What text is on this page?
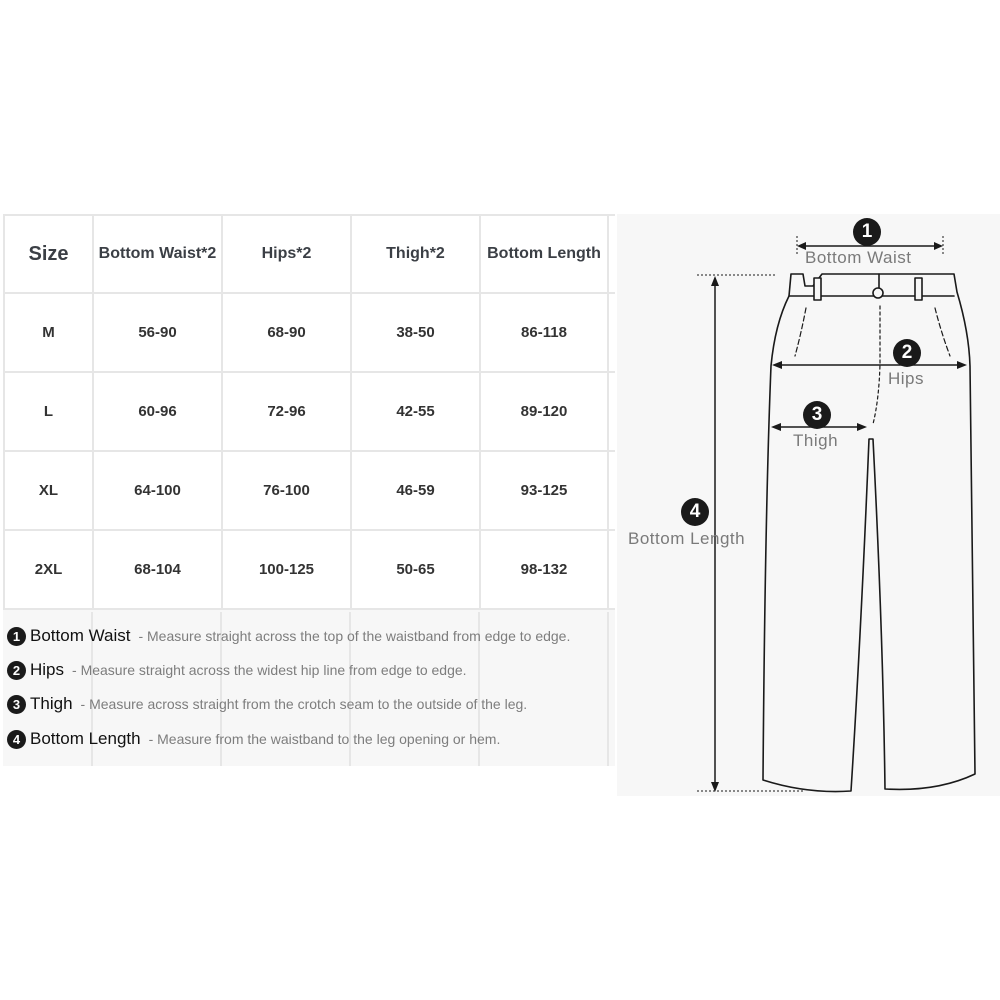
Size	Bottom Waist*2	Hips*2	Thigh*2	Bottom Length	
M	56-90	68-90	38-50	86-118	
L	60-96	72-96	42-55	89-120	
XL	64-100	76-100	46-59	93-125	
2XL	68-104	100-125	50-65	98-132	
1 Bottom Waist - Measure straight across the top of the waistband from edge to edge.
2 Hips - Measure straight across the widest hip line from edge to edge.
3 Thigh - Measure across straight from the crotch seam to the outside of the leg.
4 Bottom Length - Measure from the waistband to the leg opening or hem.
1
Bottom Waist
2
Hips
3
Thigh
4
Bottom Length
